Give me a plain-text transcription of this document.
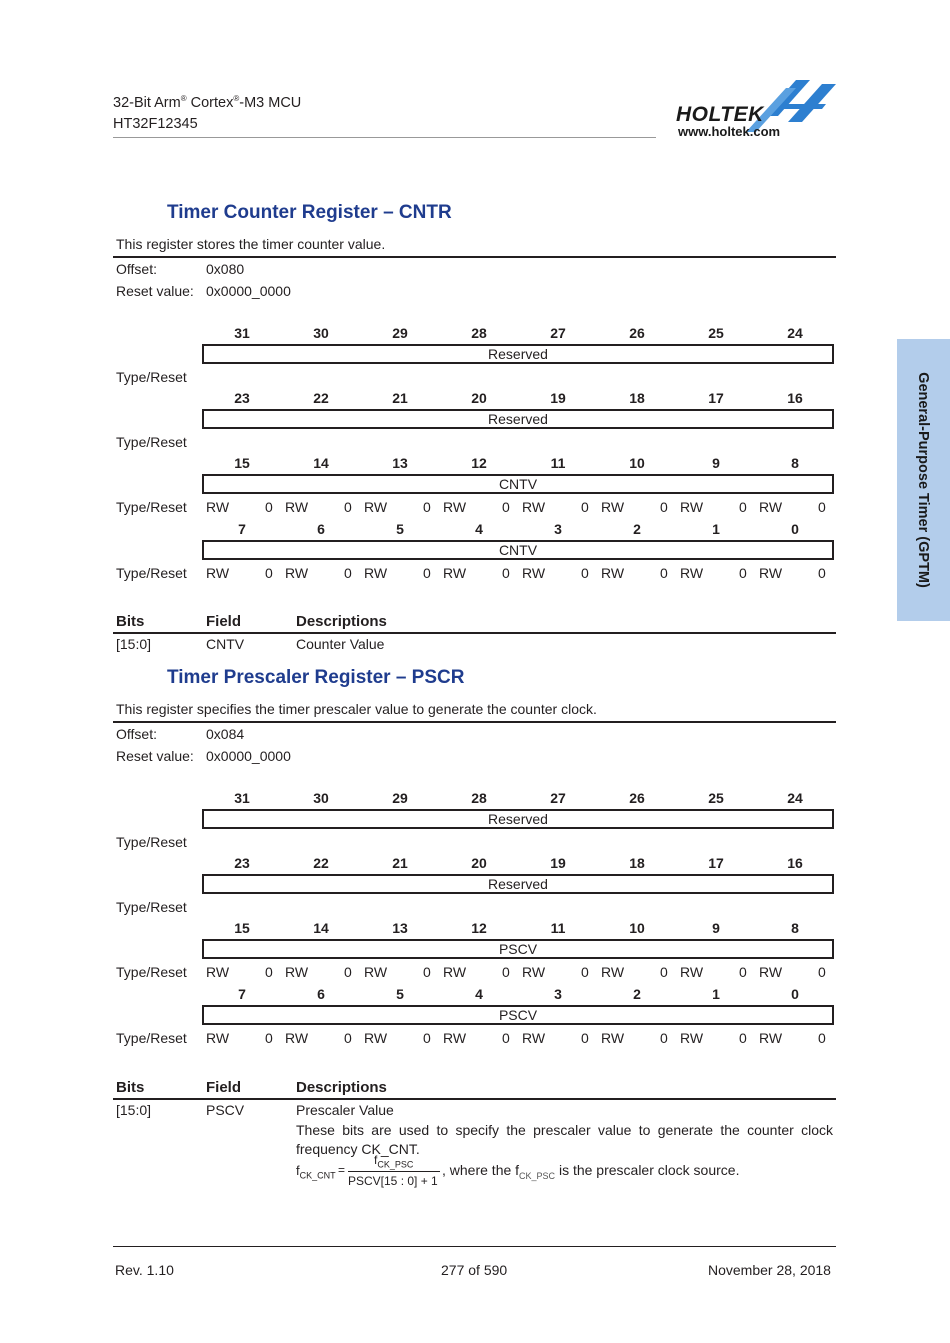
32-Bit Arm® Cortex®-M3 MCU
HT32F12345	HOLTEK
www.holtek.com
General-Purpose Timer (GPTM)
Timer Counter Register – CNTR
This register stores the timer counter value.
Offset:	0x080
Reset value: 0x0000_0000
31	30	29	28	27	26	25	24
Reserved
Type/Reset
23	22	21	20	19	18	17	16
Reserved
Type/Reset
15	14	13	12	11	10	9	8
CNTV
Type/Reset RW	0 RW	0 RW	0 RW	0 RW	0 RW	0 RW	0 RW	0
7	6	5	4	3	2	1	0
CNTV
Type/Reset RW	0 RW	0 RW	0 RW	0 RW	0 RW	0 RW	0 RW	0
Bits	Field	Descriptions
[15:0]	CNTV	Counter Value
Timer Prescaler Register – PSCR
This register specifies the timer prescaler value to generate the counter clock.
Offset:	0x084
Reset value: 0x0000_0000
31	30	29	28	27	26	25	24
Reserved
Type/Reset
23	22	21	20	19	18	17	16
Reserved
Type/Reset
15	14	13	12	11	10	9	8
PSCV
Type/Reset RW	0 RW	0 RW	0 RW	0 RW	0 RW	0 RW	0 RW	0
7	6	5	4	3	2	1	0
PSCV
Type/Reset RW	0 RW	0 RW	0 RW	0 RW	0 RW	0 RW	0 RW	0
Bits	Field	Descriptions
[15:0]	PSCV	Prescaler Value
These bits are used to specify the prescaler value to generate the counter clock
frequency CK_CNT.
$f_{CK\_CNT}$ =
$f_{CK\_PSC}$
PSCV[15 : 0] + 1
, where the $f_{CK\_PSC}$ is the prescaler clock source.
Rev. 1.10	277 of 590	November 28, 2018
